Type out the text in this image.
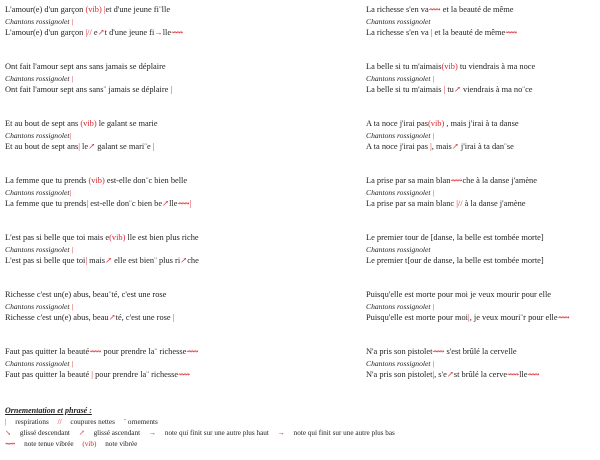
L'amour(e) d'un garçon (vib) |et d'une jeune fi¨lle
Chantons rossignolet |
L'amour(e) d'un garçon |// e↗t d'une jeune fi→lle⟿
Ont fait l'amour sept ans sans jamais se déplaire
Chantons rossignolet |
Ont fait l'amour sept ans sans¨ jamais se déplaire |
Et au bout de sept ans (vib) le galant se marie
Chantons rossignolet|
Et au bout de sept ans| le↗ galant se mari¨e |
La femme que tu prends (vib) est-elle don¨c bien belle
Chantons rossignolet|
La femme que tu prends| est-elle don¨c bien be↗lle⟿|
L'est pas si belle que toi mais e(vib) lle est bien plus riche
Chantons rossignolet |
L'est pas si belle que toi| mais↗ elle est bien¨ plus ri↗che
Richesse c'est un(e) abus, beau¨té, c'est une rose
Chantons rossignolet |
Richesse c'est un(e) abus, beau↗té, c'est une rose |
Faut pas quitter la beauté⟿ pour prendre la¨ richesse⟿
Chantons rossignolet |
Faut pas quitter la beauté | pour prendre la¨ richesse⟿
La richesse s'en va⟿ et la beauté de même
Chantons rossignolet
La richesse s'en va | et la beauté de même⟿
La belle si tu m'aimais(vib) tu viendrais à ma noce
Chantons rossignolet |
La belle si tu m'aimais | tu↗ viendrais à ma no¨ce
A ta noce j'irai pas(vib) , mais j'irai à ta danse
Chantons rossignolet |
A ta noce j'irai pas |, mais↗ j'irai à ta dan¨se
La prise par sa main blan⟿che à la danse j'amène
Chantons rossignolet |
La prise par sa main blanc |// à la danse j'amène
Le premier tour de [danse, la belle est tombée morte]
Chantons rossignolet
Le premier t[our de danse, la belle est tombée morte]
Puisqu'elle est morte pour moi je veux mourir pour elle
Chantons rossignolet |
Puisqu'elle est morte pour moi|, je veux mouri¨r pour elle⟿
N'a pris son pistolet⟿ s'est brûlé la cervelle
Chantons rossignolet |
N'a pris son pistolet|, s'e↗st brûlé la cerve⟿lle⟿
Ornementation et phrasé :
| respirations // coupures nettes ¨ ornements
↘ glissé descendant ↗ glissé ascendant → note qui finit sur une autre plus haut → note qui finit sur une autre plus bas
⟿ note tenue vibrée (vib) note vibrée
